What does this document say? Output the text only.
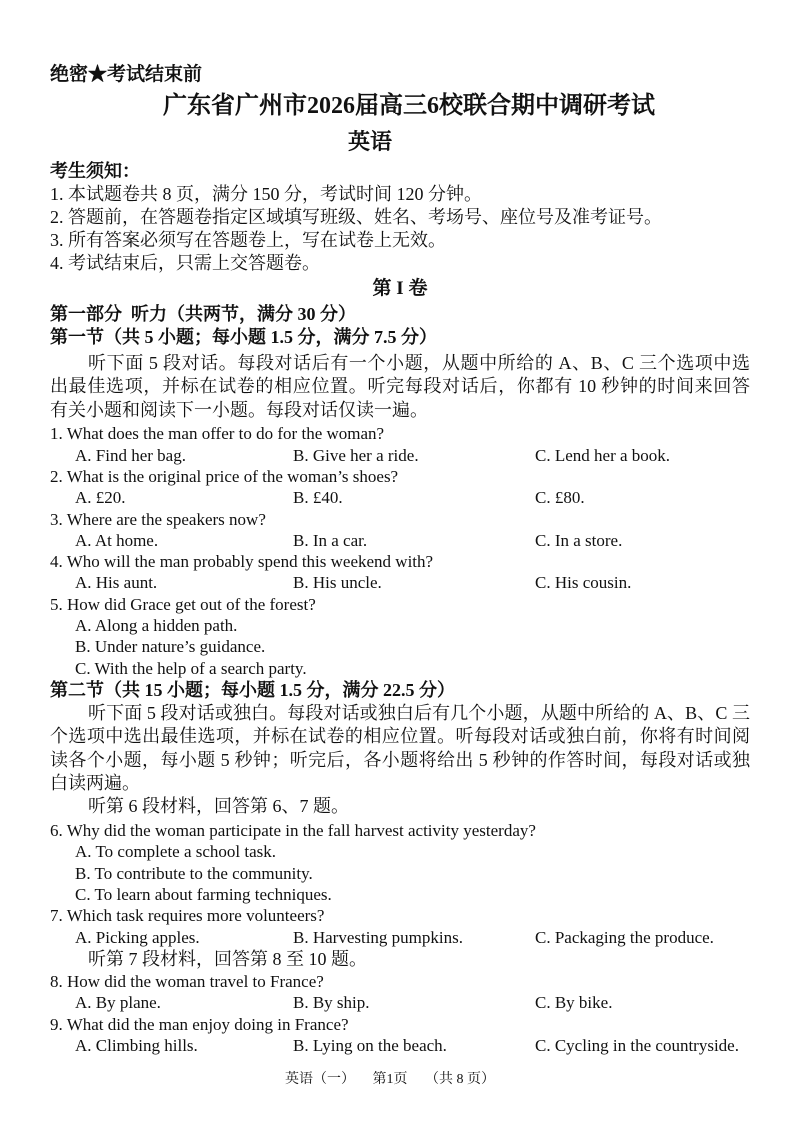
绝密★考试结束前
广东省广州市2026届高三6校联合期中调研考试
英语
考生须知：
1. 本试题卷共 8 页，满分 150 分，考试时间 120 分钟。
2. 答题前，在答题卷指定区域填写班级、姓名、考场号、座位号及准考证号。
3. 所有答案必须写在答题卷上，写在试卷上无效。
4. 考试结束后，只需上交答题卷。
第 I 卷
第一部分  听力（共两节，满分 30 分）
第一节（共 5 小题；每小题 1.5 分，满分 7.5 分）
听下面 5 段对话。每段对话后有一个小题，从题中所给的 A、B、C 三个选项中选
出最佳选项，并标在试卷的相应位置。听完每段对话后，你都有 10 秒钟的时间来回答
有关小题和阅读下一小题。每段对话仅读一遍。
1. What does the man offer to do for the woman?
A. Find her bag.	B. Give her a ride.	C. Lend her a book.
2. What is the original price of the woman’s shoes?
A. £20.	B. £40.	C. £80.
3. Where are the speakers now?
A. At home.	B. In a car.	C. In a store.
4. Who will the man probably spend this weekend with?
A. His aunt.	B. His uncle.	C. His cousin.
5. How did Grace get out of the forest?
A. Along a hidden path.
B. Under nature’s guidance.
C. With the help of a search party.
第二节（共 15 小题；每小题 1.5 分，满分 22.5 分）
听下面 5 段对话或独白。每段对话或独白后有几个小题，从题中所给的 A、B、C 三
个选项中选出最佳选项，并标在试卷的相应位置。听每段对话或独白前，你将有时间阅
读各个小题，每小题 5 秒钟；听完后，各小题将给出 5 秒钟的作答时间，每段对话或独
白读两遍。
听第 6 段材料，回答第 6、7 题。
6. Why did the woman participate in the fall harvest activity yesterday?
A. To complete a school task.
B. To contribute to the community.
C. To learn about farming techniques.
7. Which task requires more volunteers?
A. Picking apples.	B. Harvesting pumpkins.	C. Packaging the produce.
听第 7 段材料，回答第 8 至 10 题。
8. How did the woman travel to France?
A. By plane.	B. By ship.	C. By bike.
9. What did the man enjoy doing in France?
A. Climbing hills.	B. Lying on the beach.	C. Cycling in the countryside.
英语（一） 第1页 （共 8 页）
